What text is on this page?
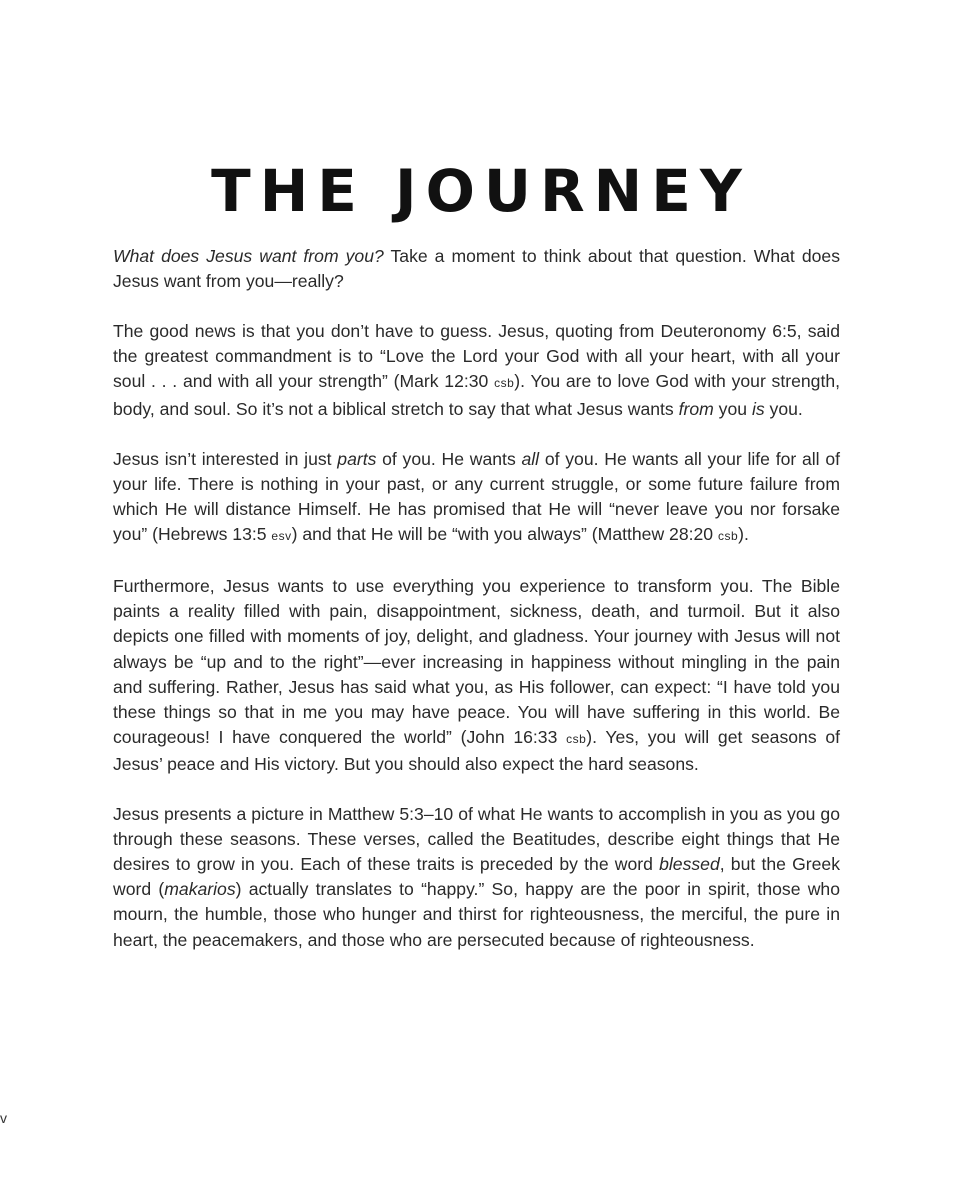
THE JOURNEY

What does Jesus want from you? Take a moment to think about that question. What does Jesus want from you—really?

The good news is that you don’t have to guess. Jesus, quoting from Deuteronomy 6:5, said the greatest commandment is to “Love the Lord your God with all your heart, with all your soul . . . and with all your strength” (Mark 12:30 csb). You are to love God with your strength, body, and soul. So it’s not a biblical stretch to say that what Jesus wants from you is you.

Jesus isn’t interested in just parts of you. He wants all of you. He wants all your life for all of your life. There is nothing in your past, or any current struggle, or some future failure from which He will distance Himself. He has promised that He will “never leave you nor forsake you” (Hebrews 13:5 esv) and that He will be “with you always” (Matthew 28:20 csb).

Furthermore, Jesus wants to use everything you experience to transform you. The Bible paints a reality filled with pain, disappointment, sickness, death, and turmoil. But it also depicts one filled with moments of joy, delight, and gladness. Your journey with Jesus will not always be “up and to the right”—ever increasing in happiness without mingling in the pain and suffering. Rather, Jesus has said what you, as His follower, can expect: “I have told you these things so that in me you may have peace. You will have suffering in this world. Be courageous! I have conquered the world” (John 16:33 csb). Yes, you will get seasons of Jesus’ peace and His victory. But you should also expect the hard seasons.

Jesus presents a picture in Matthew 5:3–10 of what He wants to accomplish in you as you go through these seasons. These verses, called the Beatitudes, describe eight things that He desires to grow in you. Each of these traits is preceded by the word blessed, but the Greek word (makarios) actually translates to “happy.” So, happy are the poor in spirit, those who mourn, the humble, those who hunger and thirst for righteousness, the merciful, the pure in heart, the peacemakers, and those who are persecuted because of righteousness.

v
